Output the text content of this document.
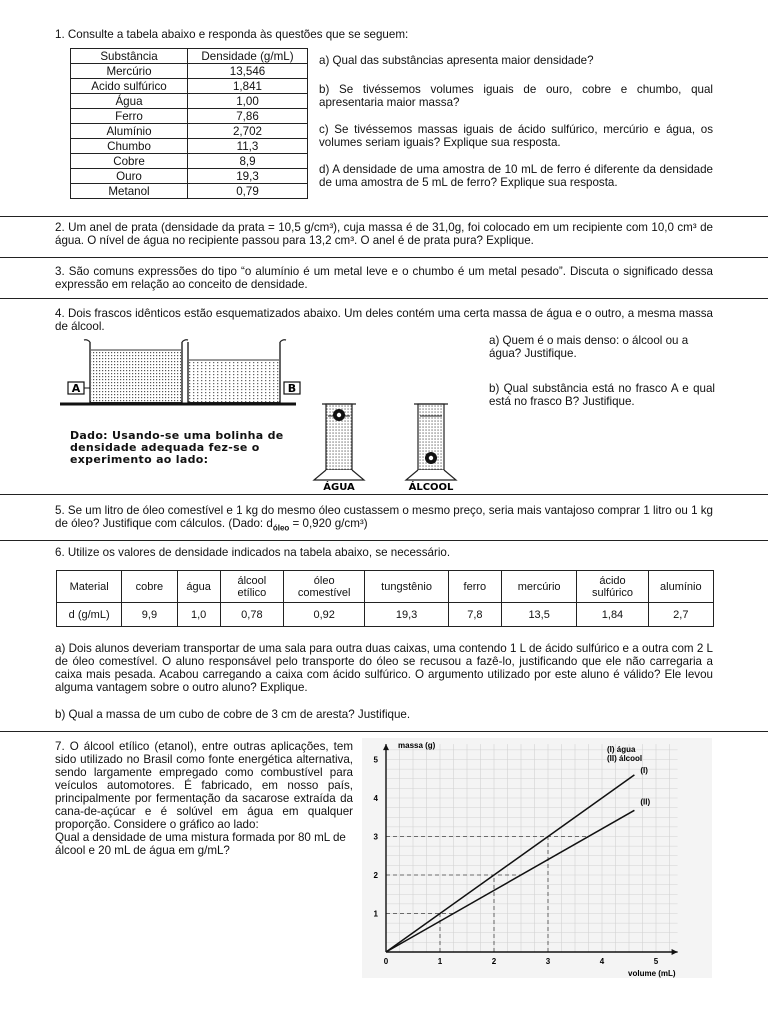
1. Consulte a tabela abaixo e responda às questões que se seguem:

Substância	Densidade (g/mL)
Mercúrio	13,546
Acido sulfúrico	1,841
Água	1,00
Ferro	7,86
Alumínio	2,702
Chumbo	11,3
Cobre	8,9
Ouro	19,3
Metanol	0,79

a) Qual das substâncias apresenta maior densidade?

b) Se tivéssemos volumes iguais de ouro, cobre e chumbo, qual apresentaria maior massa?

c) Se tivéssemos massas iguais de ácido sulfúrico, mercúrio e água, os volumes seriam iguais? Explique sua resposta.

d) A densidade de uma amostra de 10 mL de ferro é diferente da densidade de uma amostra de 5 mL de ferro? Explique sua resposta.

2. Um anel de prata (densidade da prata = 10,5 g/cm³), cuja massa é de 31,0g, foi colocado em um recipiente com 10,0 cm³ de água. O nível de água no recipiente passou para 13,2 cm³. O anel é de prata pura? Explique.

3. São comuns expressões do tipo “o alumínio é um metal leve e o chumbo é um metal pesado”. Discuta o significado dessa expressão em relação ao conceito de densidade.

4. Dois frascos idênticos estão esquematizados abaixo. Um deles contém uma certa massa de água e o outro, a mesma massa de álcool.

A	B

Dado: Usando-se uma bolinha de densidade adequada fez-se o experimento ao lado:

ÁGUA	ÁLCOOL

a) Quem é o mais denso: o álcool ou a água? Justifique.

b) Qual substância está no frasco A e qual está no frasco B? Justifique.

5. Se um litro de óleo comestível e 1 kg do mesmo óleo custassem o mesmo preço, seria mais vantajoso comprar 1 litro ou 1 kg de óleo? Justifique com cálculos. (Dado: $d_{óleo} = 0,920$ g/cm³)

6. Utilize os valores de densidade indicados na tabela abaixo, se necessário.

Material	cobre	água	álcool etílico	óleo comestível	tungstênio	ferro	mercúrio	ácido sulfúrico	alumínio
d (g/mL)	9,9	1,0	0,78	0,92	19,3	7,8	13,5	1,84	2,7

a) Dois alunos deveriam transportar de uma sala para outra duas caixas, uma contendo 1 L de ácido sulfúrico e a outra com 2 L de óleo comestível. O aluno responsável pelo transporte do óleo se recusou a fazê-lo, justificando que ele não carregaria a caixa mais pesada. Acabou carregando a caixa com ácido sulfúrico. O argumento utilizado por este aluno é válido? Ele levou alguma vantagem sobre o outro aluno? Explique.

b) Qual a massa de um cubo de cobre de 3 cm de aresta? Justifique.

7. O álcool etílico (etanol), entre outras aplicações, tem sido utilizado no Brasil como fonte energética alternativa, sendo largamente empregado como combustível para veículos automotores. É fabricado, em nosso país, principalmente por fermentação da sacarose extraída da cana-de-açúcar e é solúvel em água em qualquer proporção. Considere o gráfico ao lado:

Qual a densidade de uma mistura formada por 80 mL de álcool e 20 mL de água em g/mL?

0	1	2	3	4	5
1
2
3
4
5
(I)
(II)
massa (g)
volume (mL)
(I) água
(II) álcool
